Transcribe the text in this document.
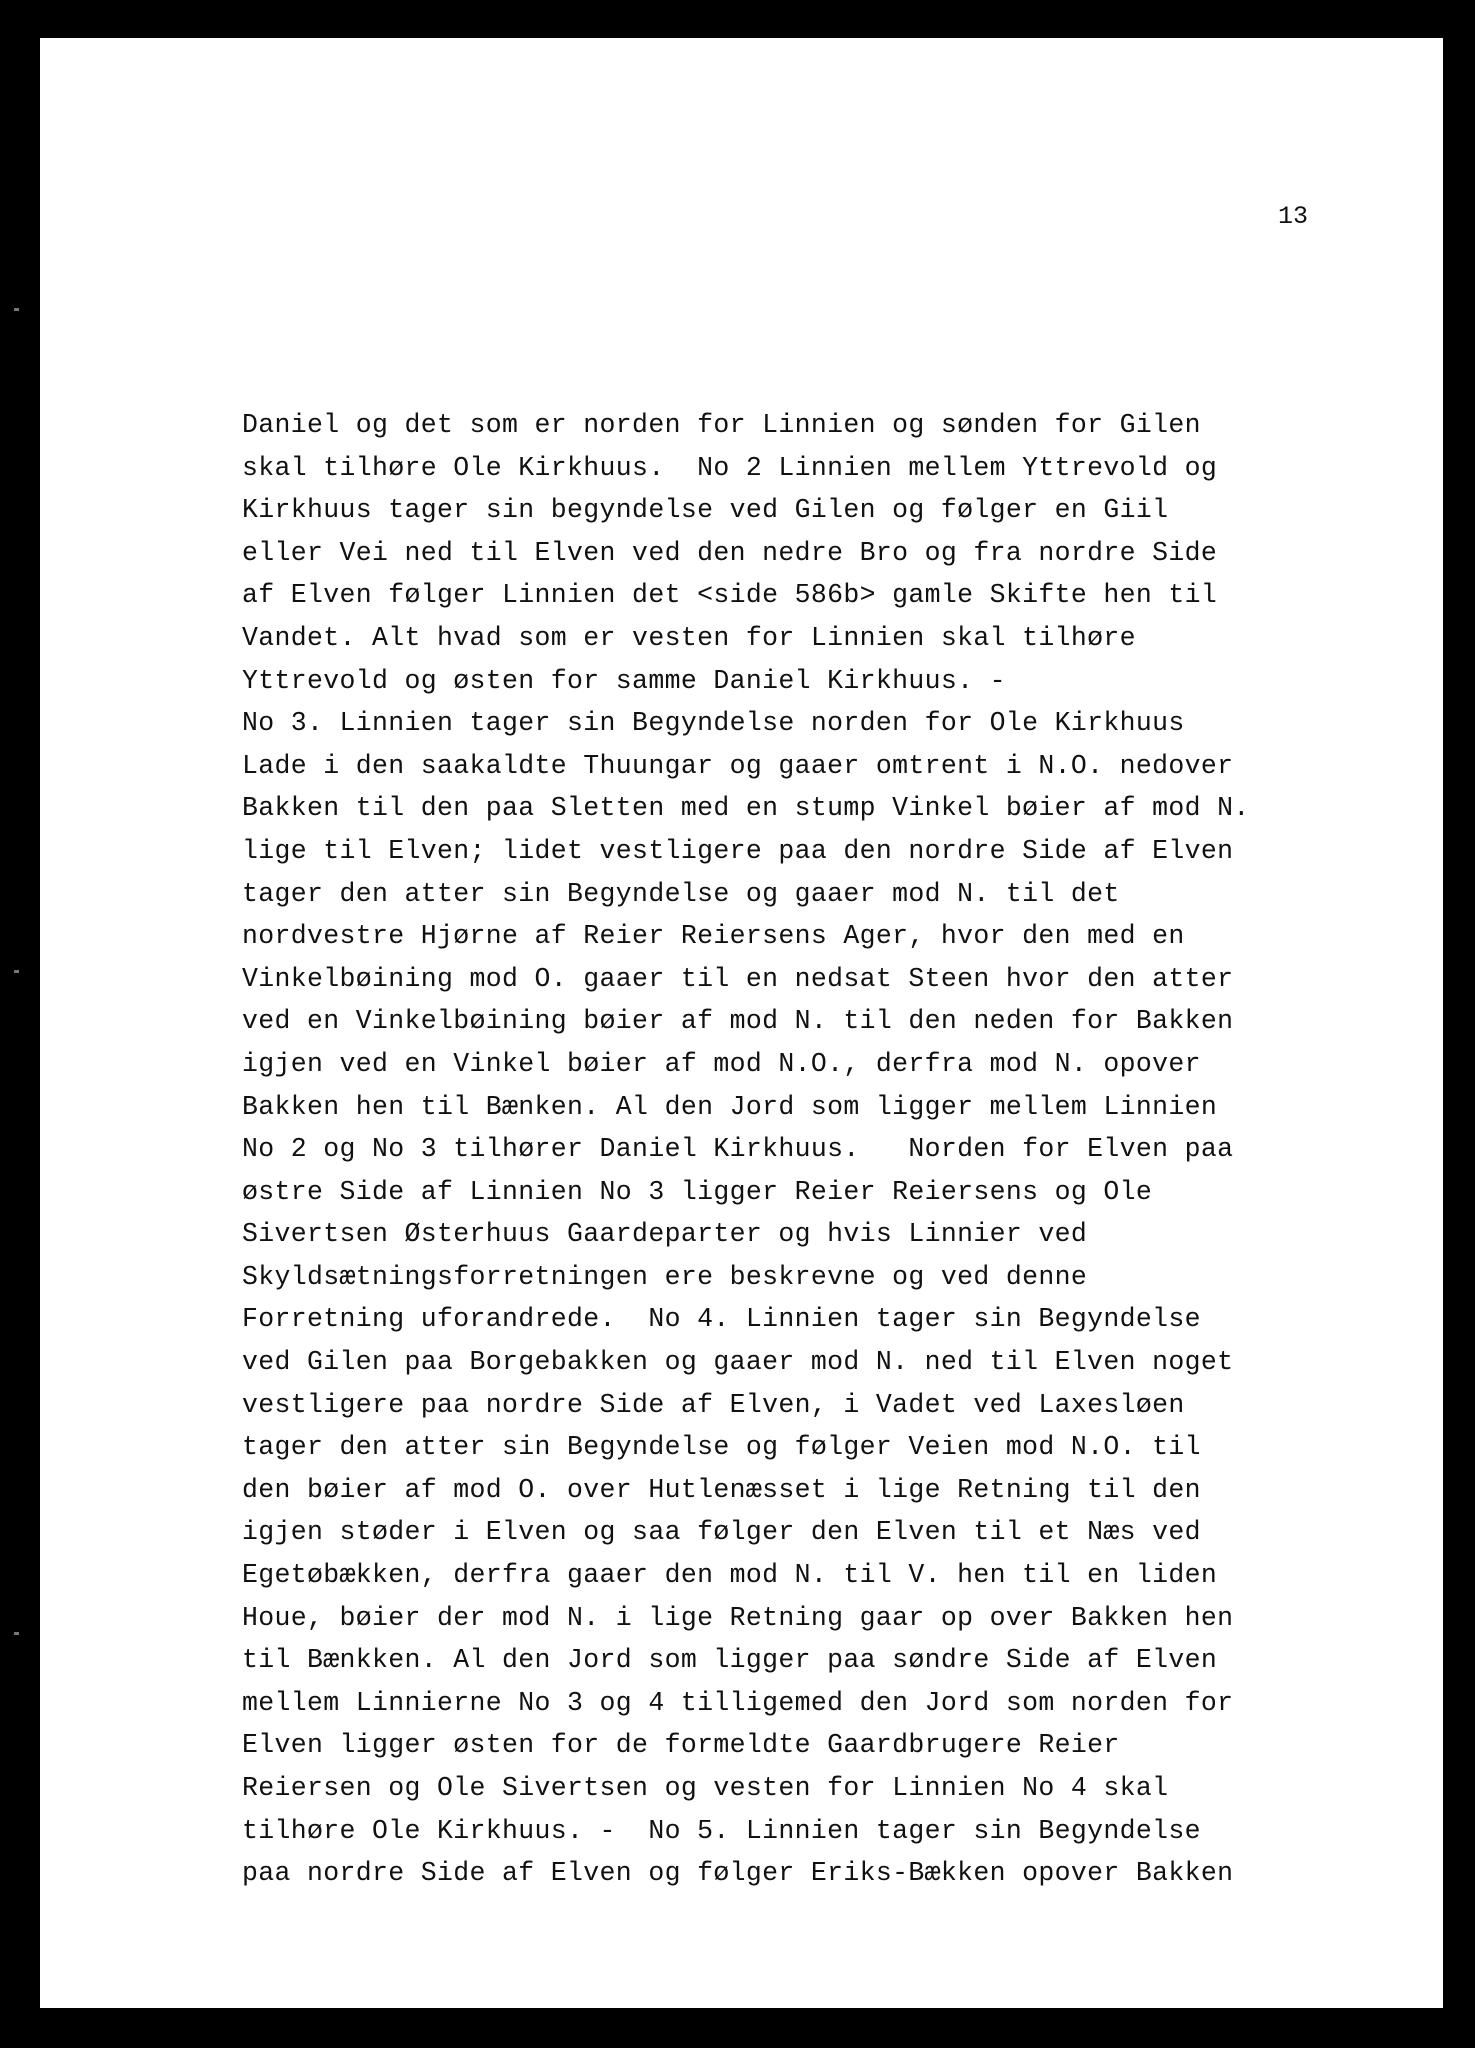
13

Daniel og det som er norden for Linnien og sønden for Gilen
skal tilhøre Ole Kirkhuus.  No 2 Linnien mellem Yttrevold og
Kirkhuus tager sin begyndelse ved Gilen og følger en Giil
eller Vei ned til Elven ved den nedre Bro og fra nordre Side
af Elven følger Linnien det <side 586b> gamle Skifte hen til
Vandet. Alt hvad som er vesten for Linnien skal tilhøre
Yttrevold og østen for samme Daniel Kirkhuus. -
No 3. Linnien tager sin Begyndelse norden for Ole Kirkhuus
Lade i den saakaldte Thuungar og gaaer omtrent i N.O. nedover
Bakken til den paa Sletten med en stump Vinkel bøier af mod N.
lige til Elven; lidet vestligere paa den nordre Side af Elven
tager den atter sin Begyndelse og gaaer mod N. til det
nordvestre Hjørne af Reier Reiersens Ager, hvor den med en
Vinkelbøining mod O. gaaer til en nedsat Steen hvor den atter
ved en Vinkelbøining bøier af mod N. til den neden for Bakken
igjen ved en Vinkel bøier af mod N.O., derfra mod N. opover
Bakken hen til Bænken. Al den Jord som ligger mellem Linnien
No 2 og No 3 tilhører Daniel Kirkhuus.   Norden for Elven paa
østre Side af Linnien No 3 ligger Reier Reiersens og Ole
Sivertsen Østerhuus Gaardeparter og hvis Linnier ved
Skyldsætningsforretningen ere beskrevne og ved denne
Forretning uforandrede.  No 4. Linnien tager sin Begyndelse
ved Gilen paa Borgebakken og gaaer mod N. ned til Elven noget
vestligere paa nordre Side af Elven, i Vadet ved Laxesløen
tager den atter sin Begyndelse og følger Veien mod N.O. til
den bøier af mod O. over Hutlenæsset i lige Retning til den
igjen støder i Elven og saa følger den Elven til et Næs ved
Egetøbækken, derfra gaaer den mod N. til V. hen til en liden
Houe, bøier der mod N. i lige Retning gaar op over Bakken hen
til Bænkken. Al den Jord som ligger paa søndre Side af Elven
mellem Linnierne No 3 og 4 tilligemed den Jord som norden for
Elven ligger østen for de formeldte Gaardbrugere Reier
Reiersen og Ole Sivertsen og vesten for Linnien No 4 skal
tilhøre Ole Kirkhuus. -  No 5. Linnien tager sin Begyndelse
paa nordre Side af Elven og følger Eriks-Bækken opover Bakken
